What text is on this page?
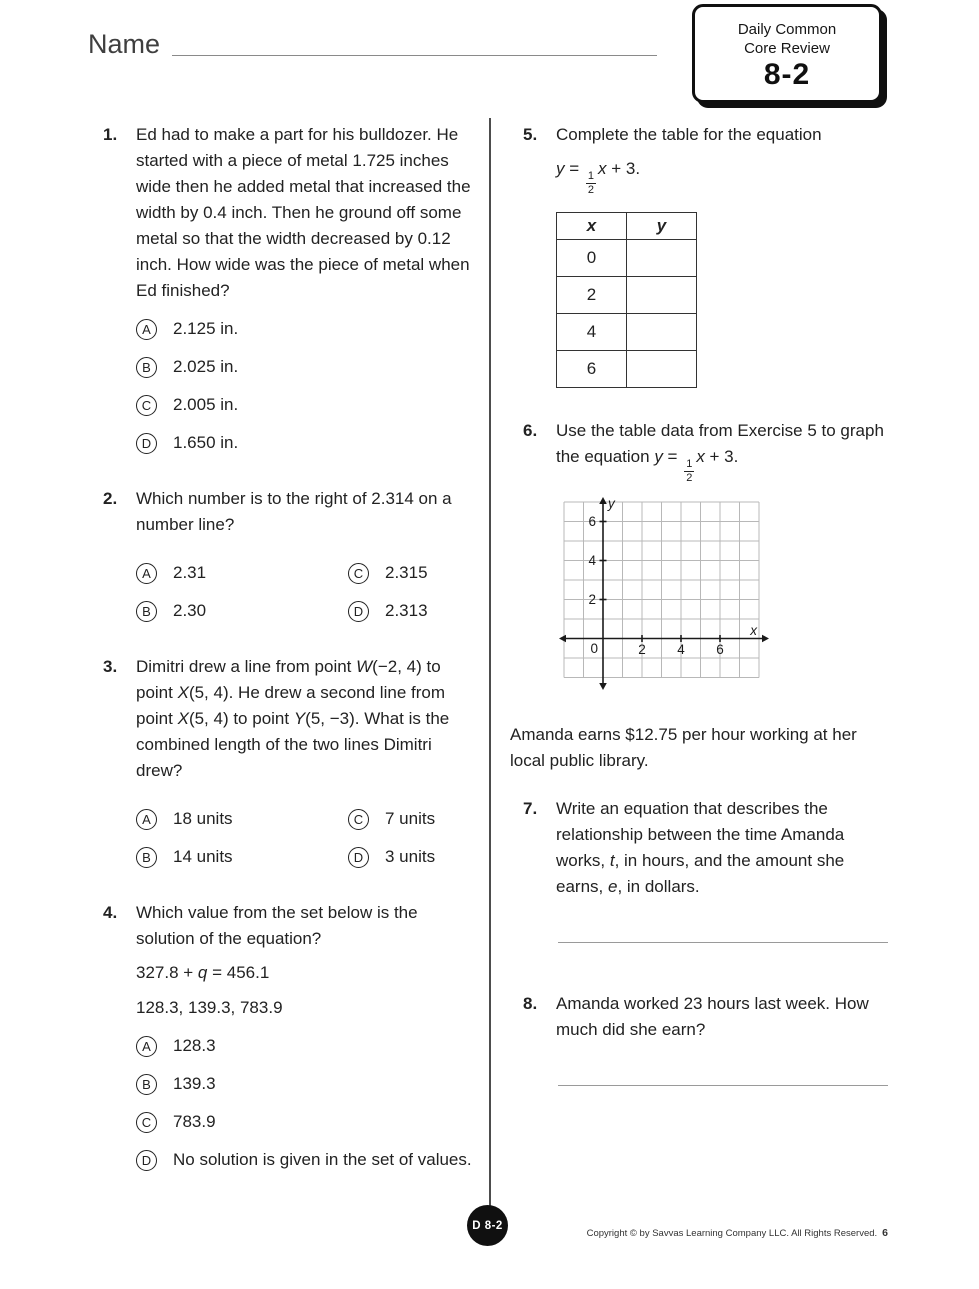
Name	Daily Common
Core Review
8-2
1.	Ed had to make a part for his bulldozer. He started with a piece of metal 1.725 inches wide then he added metal that increased the width by 0.4 inch. Then he ground off some metal so that the width decreased by 0.12 inch. How wide was the piece of metal when Ed finished?

A	2.125 in.
B	2.025 in.
C	2.005 in.
D	1.650 in.
2.	Which number is to the right of 2.314 on a number line?

A	2.31
B	2.30
C	2.315
D	2.313
3.	Dimitri drew a line from point W(−2, 4) to point X(5, 4). He drew a second line from point X(5, 4) to point Y(5, −3). What is the combined length of the two lines Dimitri drew?

A	18 units
B	14 units
C	7 units
D	3 units
4.	Which value from the set below is the solution of the equation?

327.8 + q = 456.1

128.3, 139.3, 783.9

A	128.3
B	139.3
C	783.9
D	No solution is given in the set of values.
5.	Complete the table for the equation

y =
$\frac{1}{2}$
x + 3.

x	y
0	
2	
4	
6	
6.	Use the table data from Exercise 5 to graph the equation y =
$\frac{1}{2}$
x + 3.

6
4
2
0	2 4 6
x
y

Amanda earns $12.75 per hour working at her local public library.

7.	Write an equation that describes the relationship between the time Amanda works, t, in hours, and the amount she earns, e, in dollars.

8.	Amanda worked 23 hours last week. How much did she earn?

D 8-2
Copyright © by Savvas Learning Company LLC. All Rights Reserved. 6
